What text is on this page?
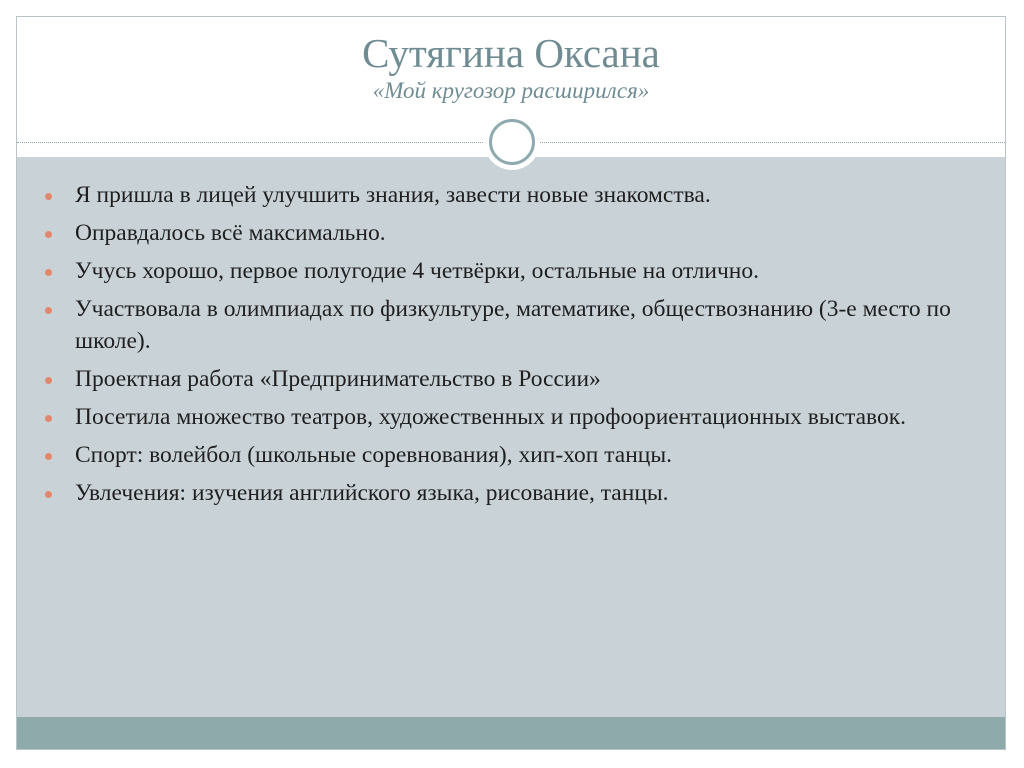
Сутягина Оксана
«Мой кругозор расширился»
Я пришла в лицей улучшить знания, завести новые знакомства.
Оправдалось всё максимально.
Учусь хорошо, первое полугодие 4 четвёрки, остальные на отлично.
Участвовала в олимпиадах по физкультуре, математике, обществознанию (3-е место по школе).
Проектная работа «Предпринимательство в России»
Посетила множество театров, художественных и профоориентационных выставок.
Спорт: волейбол (школьные соревнования), хип-хоп танцы.
Увлечения: изучения английского языка, рисование, танцы.
